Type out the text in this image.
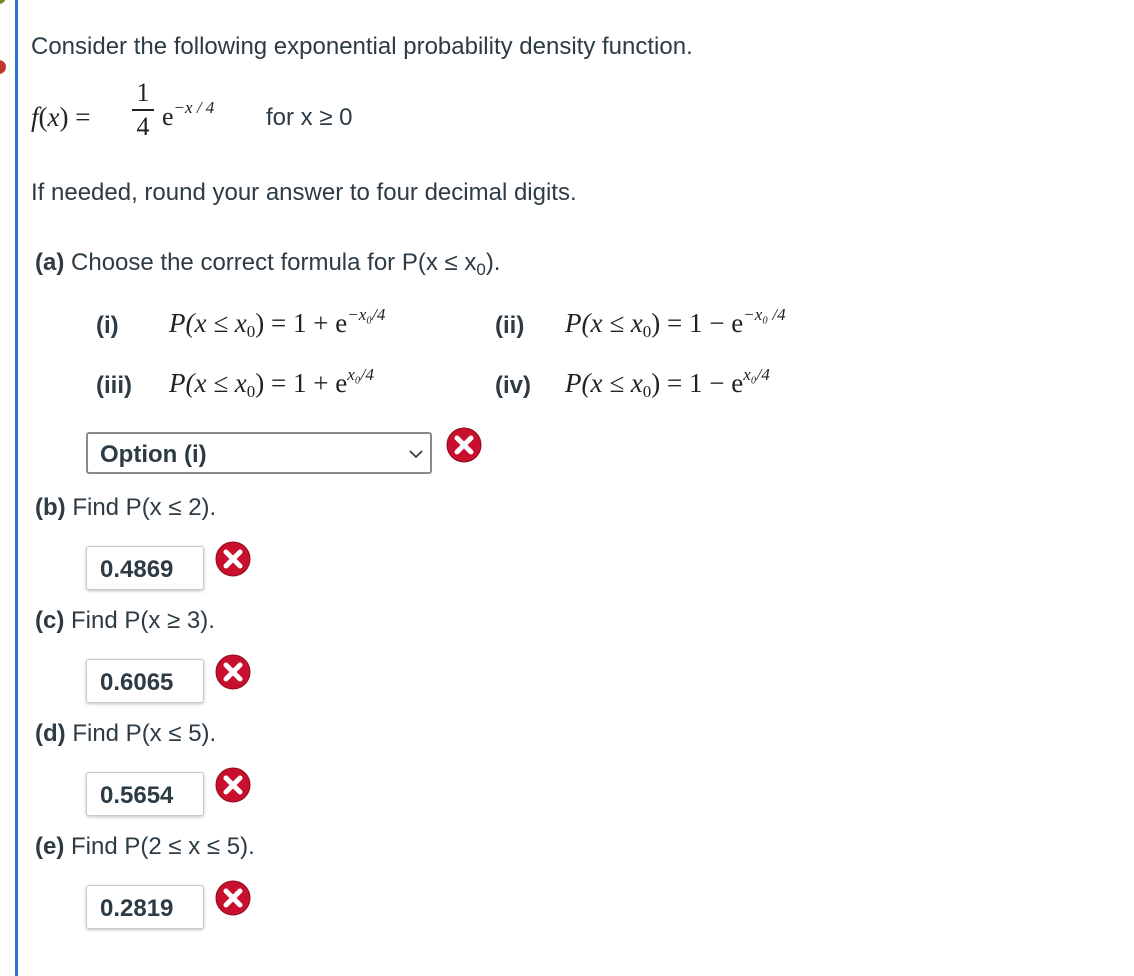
Consider the following exponential probability density function.
f(x) =
1
4 $e^{-x / 4}$ for x ≥ 0
If needed, round your answer to four decimal digits.
(a) Choose the correct formula for $P(x \le x_0)$.
(i) $P(x \le x0) = 1 + e^{-x_0/4}$	(ii) $P(x \le x0) = 1 - e^{-x_0 /4}$
(iii) $P(x \le x0) = 1 + e^{x_0/4}$	(iv) $P(x \le x0) = 1 - e^{x_0/4}$
Option (i)
(b) Find P(x ≤ 2).
0.4869
(c) Find P(x ≥ 3).
0.6065
(d) Find P(x ≤ 5).
0.5654
(e) Find P(2 ≤ x ≤ 5).
0.2819
